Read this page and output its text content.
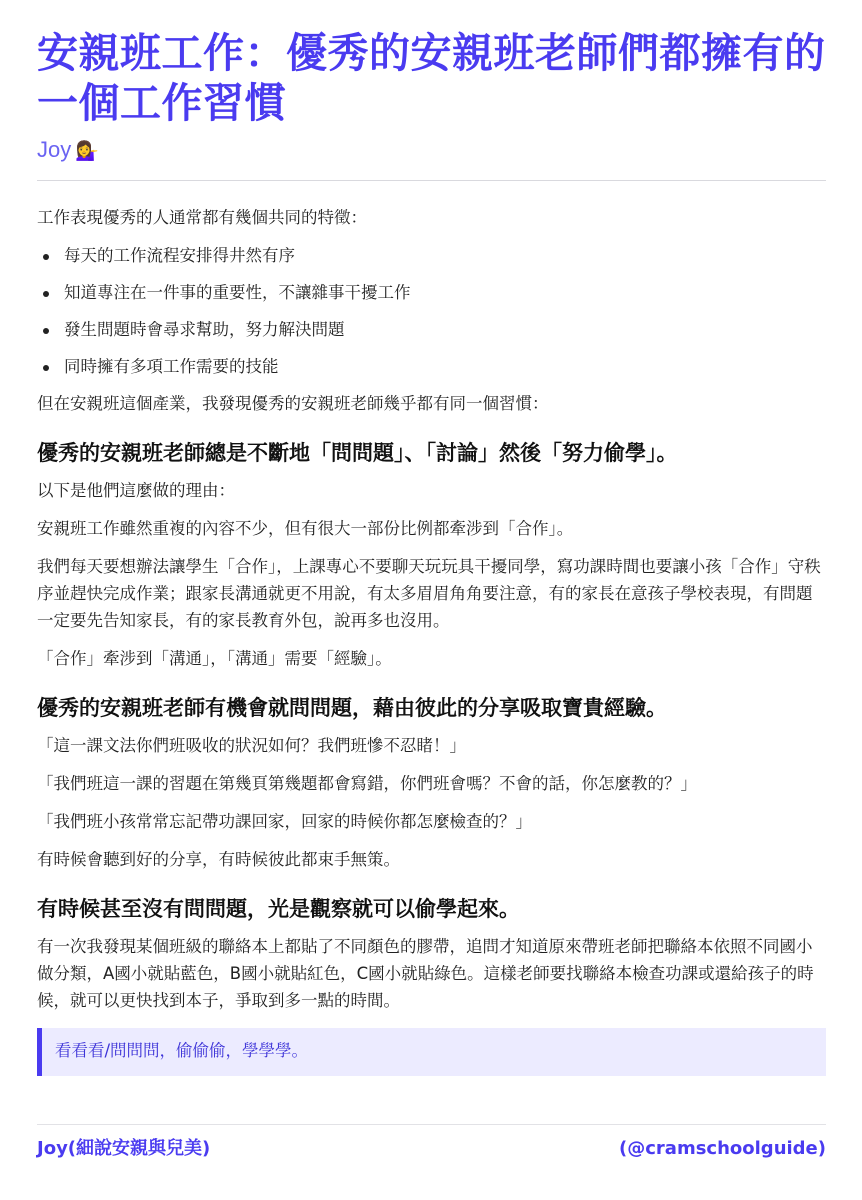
安親班工作：優秀的安親班老師們都擁有的一個工作習慣
Joy 💁‍♀️

工作表現優秀的人通常都有幾個共同的特徵：

每天的工作流程安排得井然有序
知道專注在一件事的重要性，不讓雜事干擾工作
發生問題時會尋求幫助，努力解決問題
同時擁有多項工作需要的技能

但在安親班這個產業，我發現優秀的安親班老師幾乎都有同一個習慣：

優秀的安親班老師總是不斷地「問問題」、「討論」然後「努力偷學」。

以下是他們這麼做的理由：

安親班工作雖然重複的內容不少，但有很大一部份比例都牽涉到「合作」。

我們每天要想辦法讓學生「合作」，上課專心不要聊天玩玩具干擾同學，寫功課時間也要讓小孩「合作」守秩序並趕快完成作業；跟家長溝通就更不用說，有太多眉眉角角要注意，有的家長在意孩子學校表現，有問題一定要先告知家長，有的家長教育外包，說再多也沒用。

「合作」牽涉到「溝通」，「溝通」需要「經驗」。

優秀的安親班老師有機會就問問題，藉由彼此的分享吸取寶貴經驗。

「這一課文法你們班吸收的狀況如何？我們班慘不忍睹！」

「我們班這一課的習題在第幾頁第幾題都會寫錯，你們班會嗎？不會的話，你怎麼教的？」

「我們班小孩常常忘記帶功課回家，回家的時候你都怎麼檢查的？」

有時候會聽到好的分享，有時候彼此都束手無策。

有時候甚至沒有問問題，光是觀察就可以偷學起來。

有一次我發現某個班級的聯絡本上都貼了不同顏色的膠帶，追問才知道原來帶班老師把聯絡本依照不同國小做分類，A國小就貼藍色，B國小就貼紅色，C國小就貼綠色。這樣老師要找聯絡本檢查功課或還給孩子的時候，就可以更快找到本子，爭取到多一點的時間。

看看看/問問問，偷偷偷，學學學。
Joy(細說安親與兒美)	(@cramschoolguide)
